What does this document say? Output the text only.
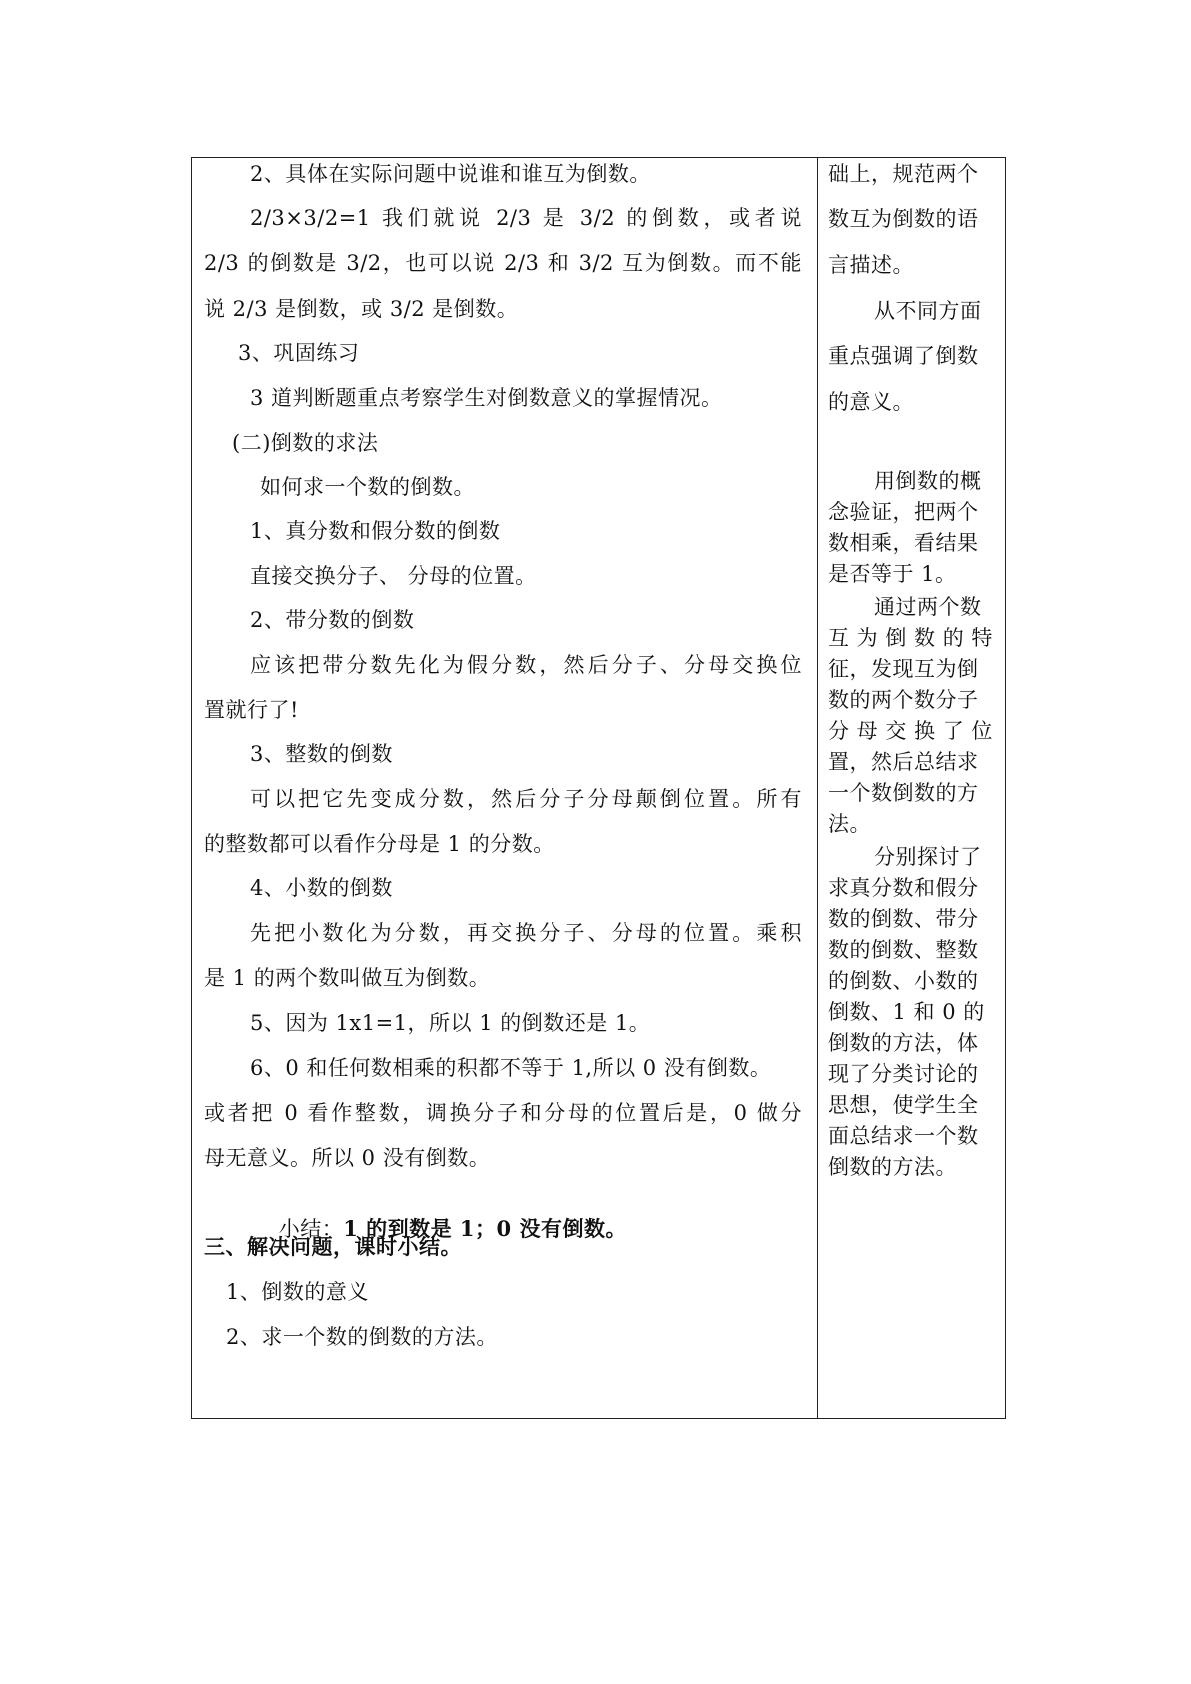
小结：1 的到数是 1；0 没有倒数。

三、解决问题，课时小结。
1、倒数的意义
2、求一个数的倒数的方法。
2、具体在实际问题中说谁和谁互为倒数。
2/3×3/2=1 我们就说 2/3 是 3/2 的倒数，或者说
2/3 的倒数是 3/2，也可以说 2/3 和 3/2 互为倒数。而不能
说 2/3 是倒数，或 3/2 是倒数。
3、巩固练习
3 道判断题重点考察学生对倒数意义的掌握情况。
(二)倒数的求法
如何求一个数的倒数。
1、真分数和假分数的倒数
直接交换分子、 分母的位置。
2、带分数的倒数
应该把带分数先化为假分数，然后分子、分母交换位
置就行了!
3、整数的倒数
可以把它先变成分数，然后分子分母颠倒位置。所有
的整数都可以看作分母是 1 的分数。
4、小数的倒数
先把小数化为分数，再交换分子、分母的位置。乘积
是 1 的两个数叫做互为倒数。
5、因为 1x1=1，所以 1 的倒数还是 1。
6、0 和任何数相乘的积都不等于 1,所以 0 没有倒数。
或者把 0 看作整数，调换分子和分母的位置后是，0 做分
母无意义。所以 0 没有倒数。
础上，规范两个
数互为倒数的语
言描述。
从不同方面
重点强调了倒数
的意义。
用倒数的概
念验证，把两个
数相乘，看结果
是否等于 1。
通过两个数
互 为 倒 数 的 特
征，发现互为倒
数的两个数分子
分 母 交 换 了 位
置，然后总结求
一个数倒数的方
法。
分别探讨了
求真分数和假分
数的倒数、带分
数的倒数、整数
的倒数、小数的
倒数、1 和 0 的
倒数的方法，体
现了分类讨论的
思想，使学生全
面总结求一个数
倒数的方法。
